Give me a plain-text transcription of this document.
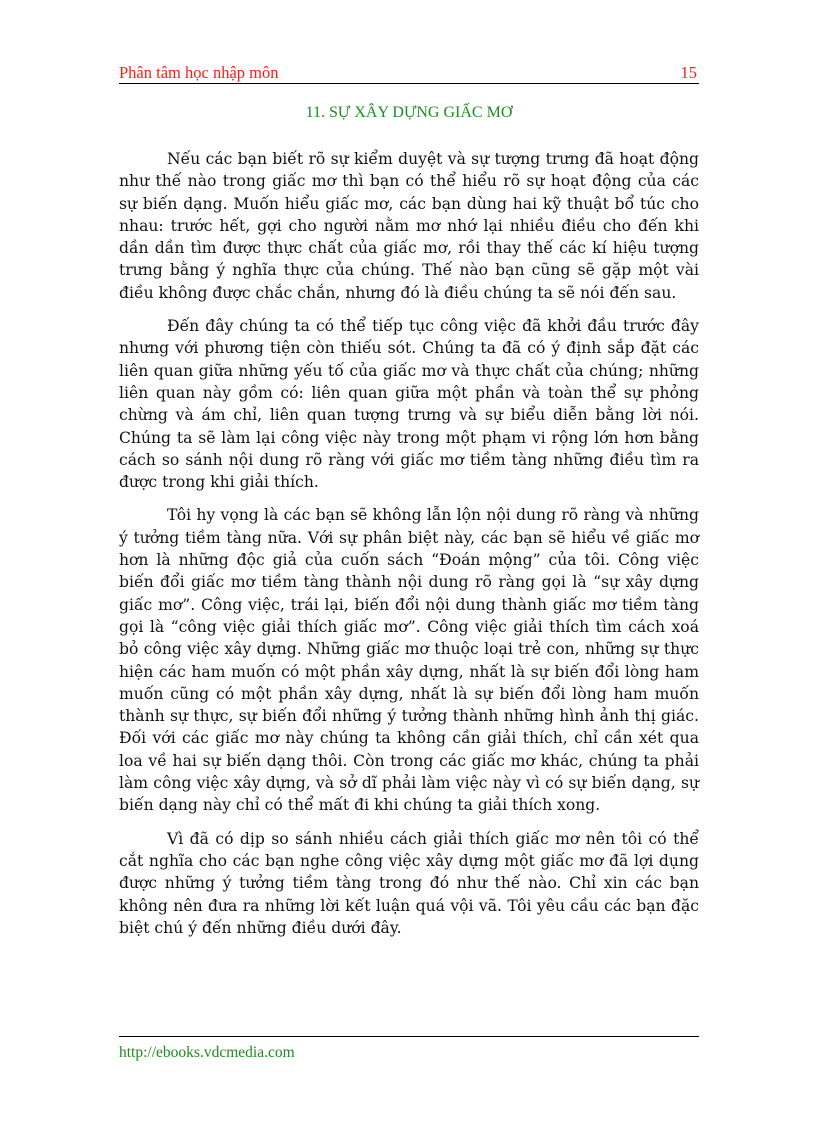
Phân tâm học nhập môn	15
11. SỰ XÂY DỰNG GIẤC MƠ

Nếu các bạn biết rõ sự kiểm duyệt và sự tượng trưng đã hoạt động như thế nào trong giấc mơ thì bạn có thể hiểu rõ sự hoạt động của các sự biến dạng. Muốn hiểu giấc mơ, các bạn dùng hai kỹ thuật bổ túc cho nhau: trước hết, gợi cho người nằm mơ nhớ lại nhiều điều cho đến khi dần dần tìm được thực chất của giấc mơ, rồi thay thế các kí hiệu tượng trưng bằng ý nghĩa thực của chúng. Thế nào bạn cũng sẽ gặp một vài điều không được chắc chắn, nhưng đó là điều chúng ta sẽ nói đến sau.

Đến đây chúng ta có thể tiếp tục công việc đã khởi đầu trước đây nhưng với phương tiện còn thiếu sót. Chúng ta đã có ý định sắp đặt các liên quan giữa những yếu tố của giấc mơ và thực chất của chúng; những liên quan này gồm có: liên quan giữa một phần và toàn thể sự phỏng chừng và ám chỉ, liên quan tượng trưng và sự biểu diễn bằng lời nói. Chúng ta sẽ làm lại công việc này trong một phạm vi rộng lớn hơn bằng cách so sánh nội dung rõ ràng với giấc mơ tiềm tàng những điều tìm ra được trong khi giải thích.

Tôi hy vọng là các bạn sẽ không lẫn lộn nội dung rõ ràng và những ý tưởng tiềm tàng nữa. Với sự phân biệt này, các bạn sẽ hiểu về giấc mơ hơn là những độc giả của cuốn sách “Đoán mộng” của tôi. Công việc biến đổi giấc mơ tiềm tàng thành nội dung rõ ràng gọi là “sự xây dựng giấc mơ”. Công việc, trái lại, biến đổi nội dung thành giấc mơ tiềm tàng gọi là “công việc giải thích giấc mơ”. Công việc giải thích tìm cách xoá bỏ công việc xây dựng. Những giấc mơ thuộc loại trẻ con, những sự thực hiện các ham muốn có một phần xây dựng, nhất là sự biến đổi lòng ham muốn cũng có một phần xây dựng, nhất là sự biến đổi lòng ham muốn thành sự thực, sự biến đổi những ý tưởng thành những hình ảnh thị giác. Đối với các giấc mơ này chúng ta không cần giải thích, chỉ cần xét qua loa về hai sự biến dạng thôi. Còn trong các giấc mơ khác, chúng ta phải làm công việc xây dựng, và sở dĩ phải làm việc này vì có sự biến dạng, sự biến dạng này chỉ có thể mất đi khi chúng ta giải thích xong.

Vì đã có dịp so sánh nhiều cách giải thích giấc mơ nên tôi có thể cắt nghĩa cho các bạn nghe công việc xây dựng một giấc mơ đã lợi dụng được những ý tưởng tiềm tàng trong đó như thế nào. Chỉ xin các bạn không nên đưa ra những lời kết luận quá vội vã. Tôi yêu cầu các bạn đặc biệt chú ý đến những điều dưới đây.

http://ebooks.vdcmedia.com
